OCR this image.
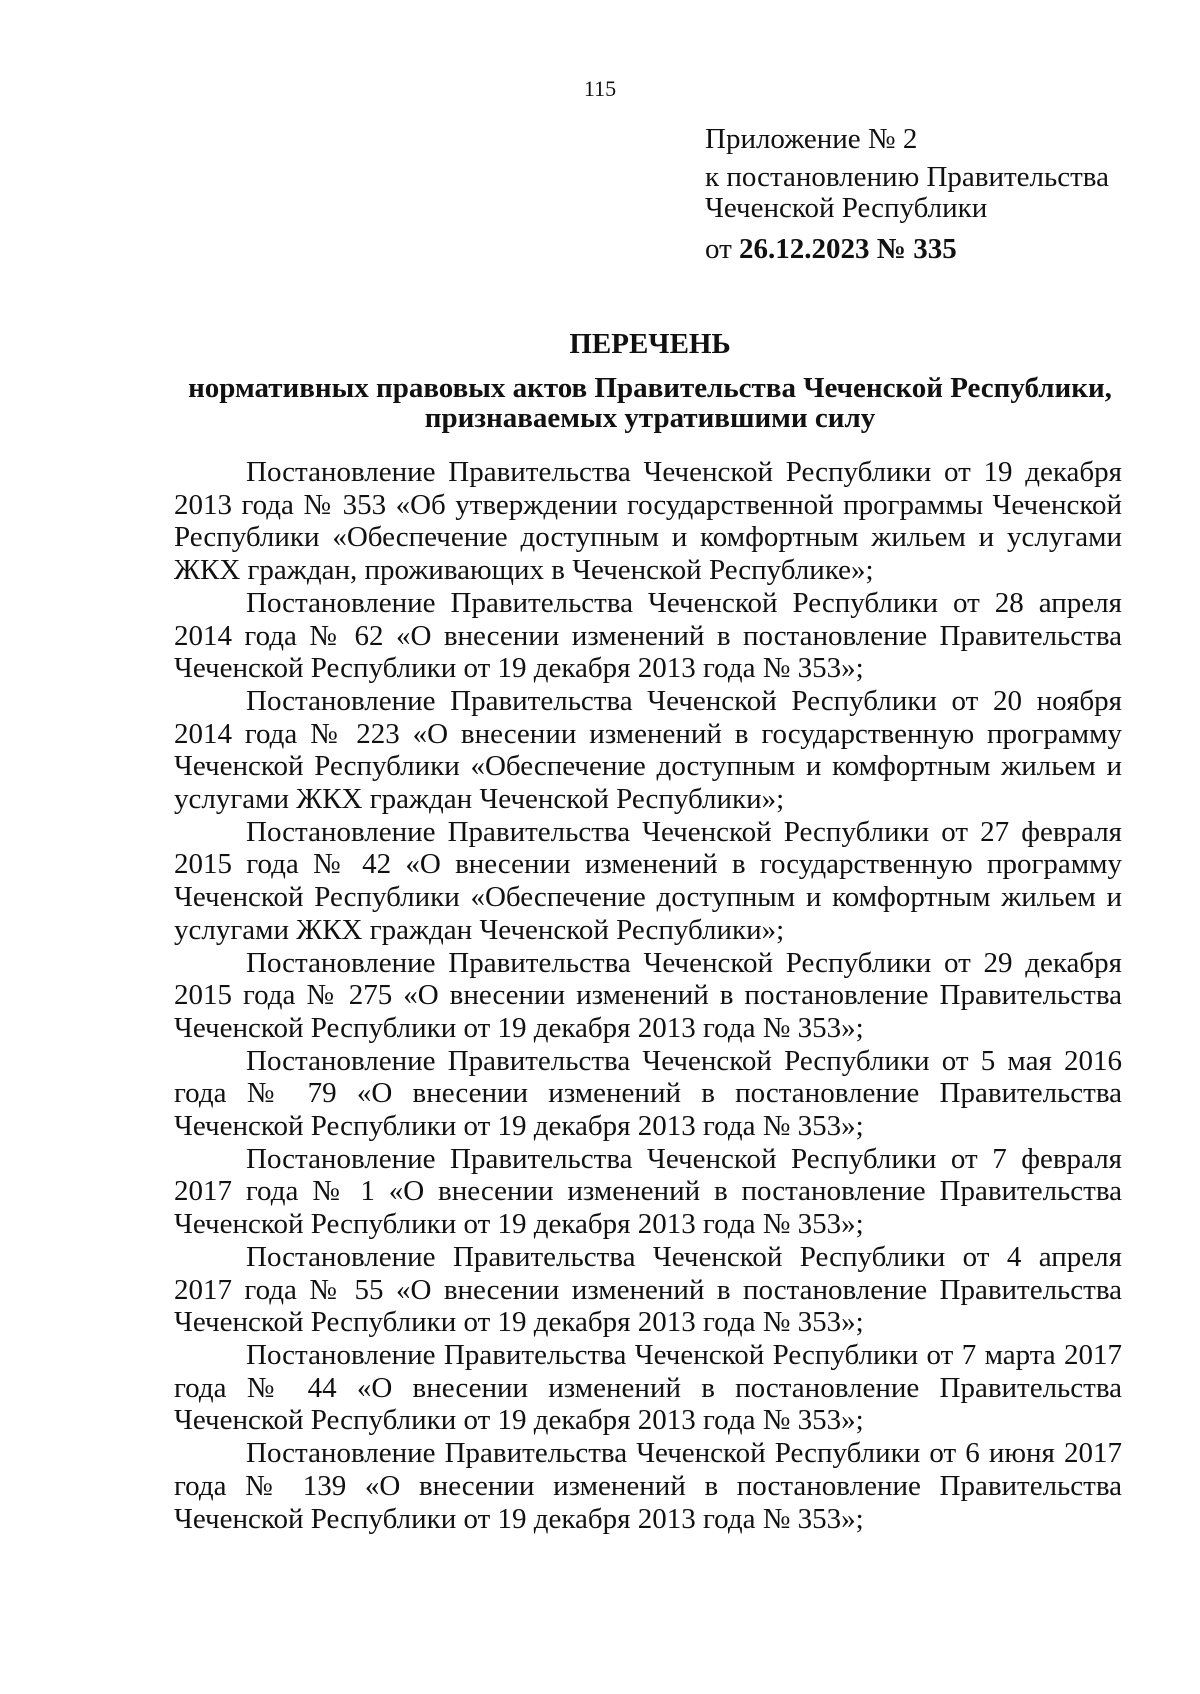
115
Приложение № 2
к постановлению Правительства
Чеченской Республики
от 26.12.2023 № 335
ПЕРЕЧЕНЬ
нормативных правовых актов Правительства Чеченской Республики,
признаваемых утратившими силу

Постановление Правительства Чеченской Республики от 19 декабря 2013 года № 353 «Об утверждении государственной программы Чеченской Республики «Обеспечение доступным и комфортным жильем и услугами ЖКХ граждан, проживающих в Чеченской Республике»;

Постановление Правительства Чеченской Республики от 28 апреля 2014 года № 62 «О внесении изменений в постановление Правительства Чеченской Республики от 19 декабря 2013 года № 353»;

Постановление Правительства Чеченской Республики от 20 ноября 2014 года № 223 «О внесении изменений в государственную программу Чеченской Республики «Обеспечение доступным и комфортным жильем и услугами ЖКХ граждан Чеченской Республики»;

Постановление Правительства Чеченской Республики от 27 февраля 2015 года № 42 «О внесении изменений в государственную программу Чеченской Республики «Обеспечение доступным и комфортным жильем и услугами ЖКХ граждан Чеченской Республики»;

Постановление Правительства Чеченской Республики от 29 декабря 2015 года № 275 «О внесении изменений в постановление Правительства Чеченской Республики от 19 декабря 2013 года № 353»;

Постановление Правительства Чеченской Республики от 5 мая 2016 года № 79 «О внесении изменений в постановление Правительства Чеченской Республики от 19 декабря 2013 года № 353»;

Постановление Правительства Чеченской Республики от 7 февраля 2017 года № 1 «О внесении изменений в постановление Правительства Чеченской Республики от 19 декабря 2013 года № 353»;

Постановление Правительства Чеченской Республики от 4 апреля 2017 года № 55 «О внесении изменений в постановление Правительства Чеченской Республики от 19 декабря 2013 года № 353»;

Постановление Правительства Чеченской Республики от 7 марта 2017 года № 44 «О внесении изменений в постановление Правительства Чеченской Республики от 19 декабря 2013 года № 353»;

Постановление Правительства Чеченской Республики от 6 июня 2017 года № 139 «О внесении изменений в постановление Правительства Чеченской Республики от 19 декабря 2013 года № 353»;
